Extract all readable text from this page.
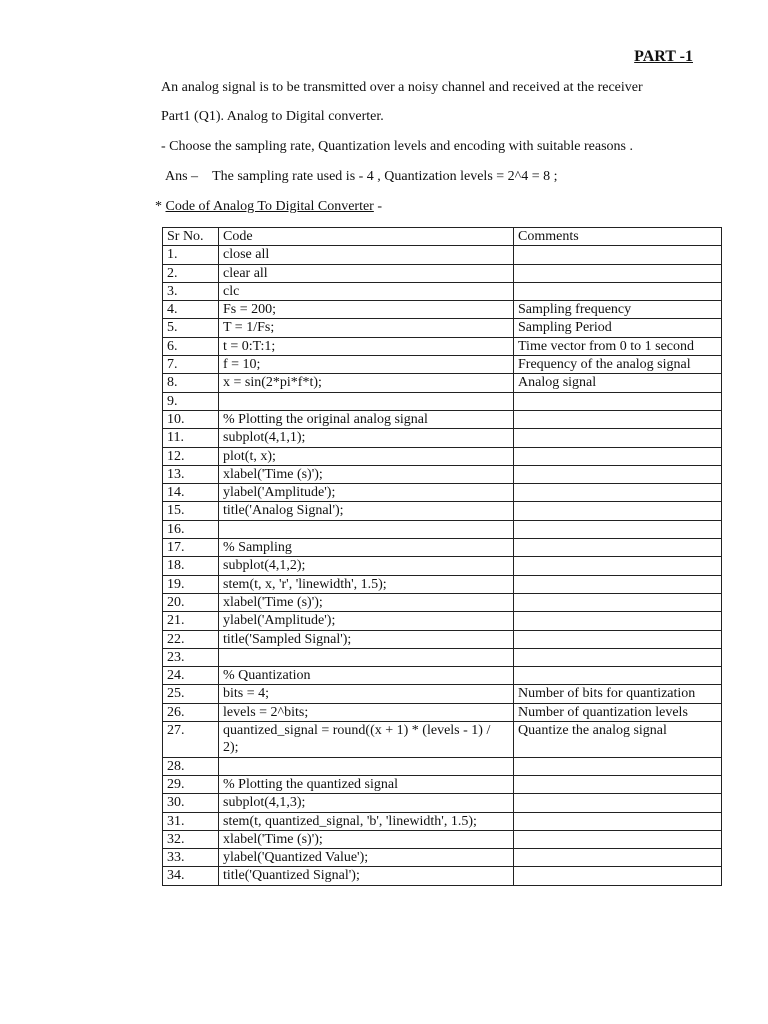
PART -1

An analog signal is to be transmitted over a noisy channel and received at the receiver

Part1 (Q1). Analog to Digital converter.

- Choose the sampling rate, Quantization levels and encoding with suitable reasons .

Ans – The sampling rate used is - 4 , Quantization levels = 2^4 = 8 ;

* Code of Analog To Digital Converter -

Sr No.	Code	Comments
1.	close all	
2.	clear all	
3.	clc	
4.	Fs = 200;	Sampling frequency
5.	T = 1/Fs;	Sampling Period
6.	t = 0:T:1;	Time vector from 0 to 1 second
7.	f = 10;	Frequency of the analog signal
8.	x = sin(2*pi*f*t);	Analog signal
9.		
10.	% Plotting the original analog signal	
11.	subplot(4,1,1);	
12.	plot(t, x);	
13.	xlabel('Time (s)');	
14.	ylabel('Amplitude');	
15.	title('Analog Signal');	
16.		
17.	% Sampling	
18.	subplot(4,1,2);	
19.	stem(t, x, 'r', 'linewidth', 1.5);	
20.	xlabel('Time (s)');	
21.	ylabel('Amplitude');	
22.	title('Sampled Signal');	
23.		
24.	% Quantization	
25.	bits = 4;	Number of bits for quantization
26.	levels = 2^bits;	Number of quantization levels
27.	quantized_signal = round((x + 1) * (levels - 1) / 2);	Quantize the analog signal
28.		
29.	% Plotting the quantized signal	
30.	subplot(4,1,3);	
31.	stem(t, quantized_signal, 'b', 'linewidth', 1.5);	
32.	xlabel('Time (s)');	
33.	ylabel('Quantized Value');	
34.	title('Quantized Signal');	
